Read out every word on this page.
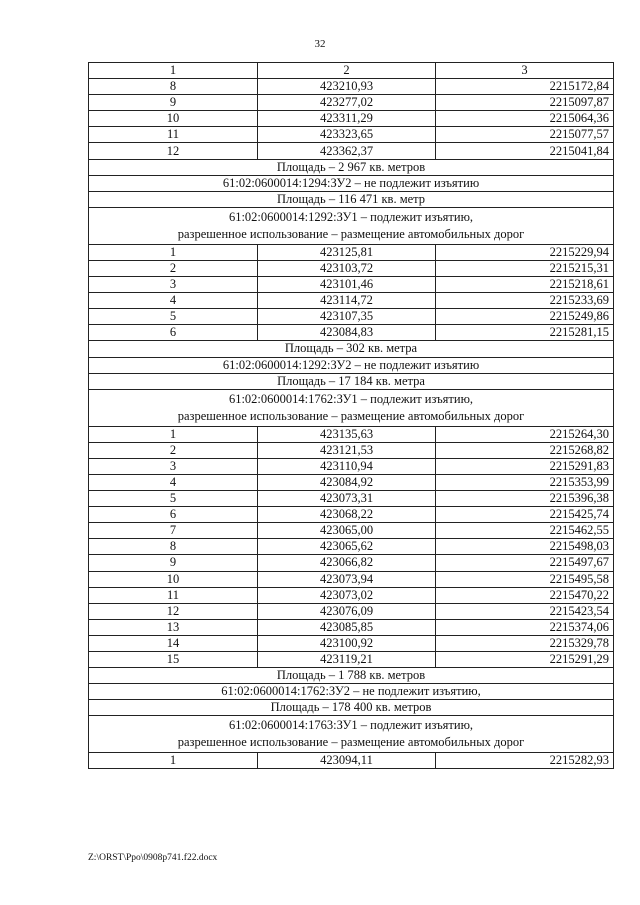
32
1	2	3
8	423210,93	2215172,84
9	423277,02	2215097,87
10	423311,29	2215064,36
11	423323,65	2215077,57
12	423362,37	2215041,84

Площадь – 2 967 кв. метров		

61:02:0600014:1294:ЗУ2 – не подлежит изъятию		

Площадь – 116 471 кв. метр		

61:02:0600014:1292:ЗУ1 – подлежит изъятию,
разрешенное использование – размещение автомобильных дорог		

1	423125,81	2215229,94
2	423103,72	2215215,31
3	423101,46	2215218,61
4	423114,72	2215233,69
5	423107,35	2215249,86
6	423084,83	2215281,15

Площадь – 302 кв. метра		

61:02:0600014:1292:ЗУ2 – не подлежит изъятию		

Площадь – 17 184 кв. метра		

61:02:0600014:1762:ЗУ1 – подлежит изъятию,
разрешенное использование – размещение автомобильных дорог		

1	423135,63	2215264,30
2	423121,53	2215268,82
3	423110,94	2215291,83
4	423084,92	2215353,99
5	423073,31	2215396,38
6	423068,22	2215425,74
7	423065,00	2215462,55
8	423065,62	2215498,03
9	423066,82	2215497,67
10	423073,94	2215495,58
11	423073,02	2215470,22
12	423076,09	2215423,54
13	423085,85	2215374,06
14	423100,92	2215329,78
15	423119,21	2215291,29

Площадь – 1 788 кв. метров		

61:02:0600014:1762:ЗУ2 – не подлежит изъятию,		

Площадь – 178 400 кв. метров		

61:02:0600014:1763:ЗУ1 – подлежит изъятию,
разрешенное использование – размещение автомобильных дорог		

1	423094,11	2215282,93
Z:\ORST\Ppo\0908p741.f22.docx
